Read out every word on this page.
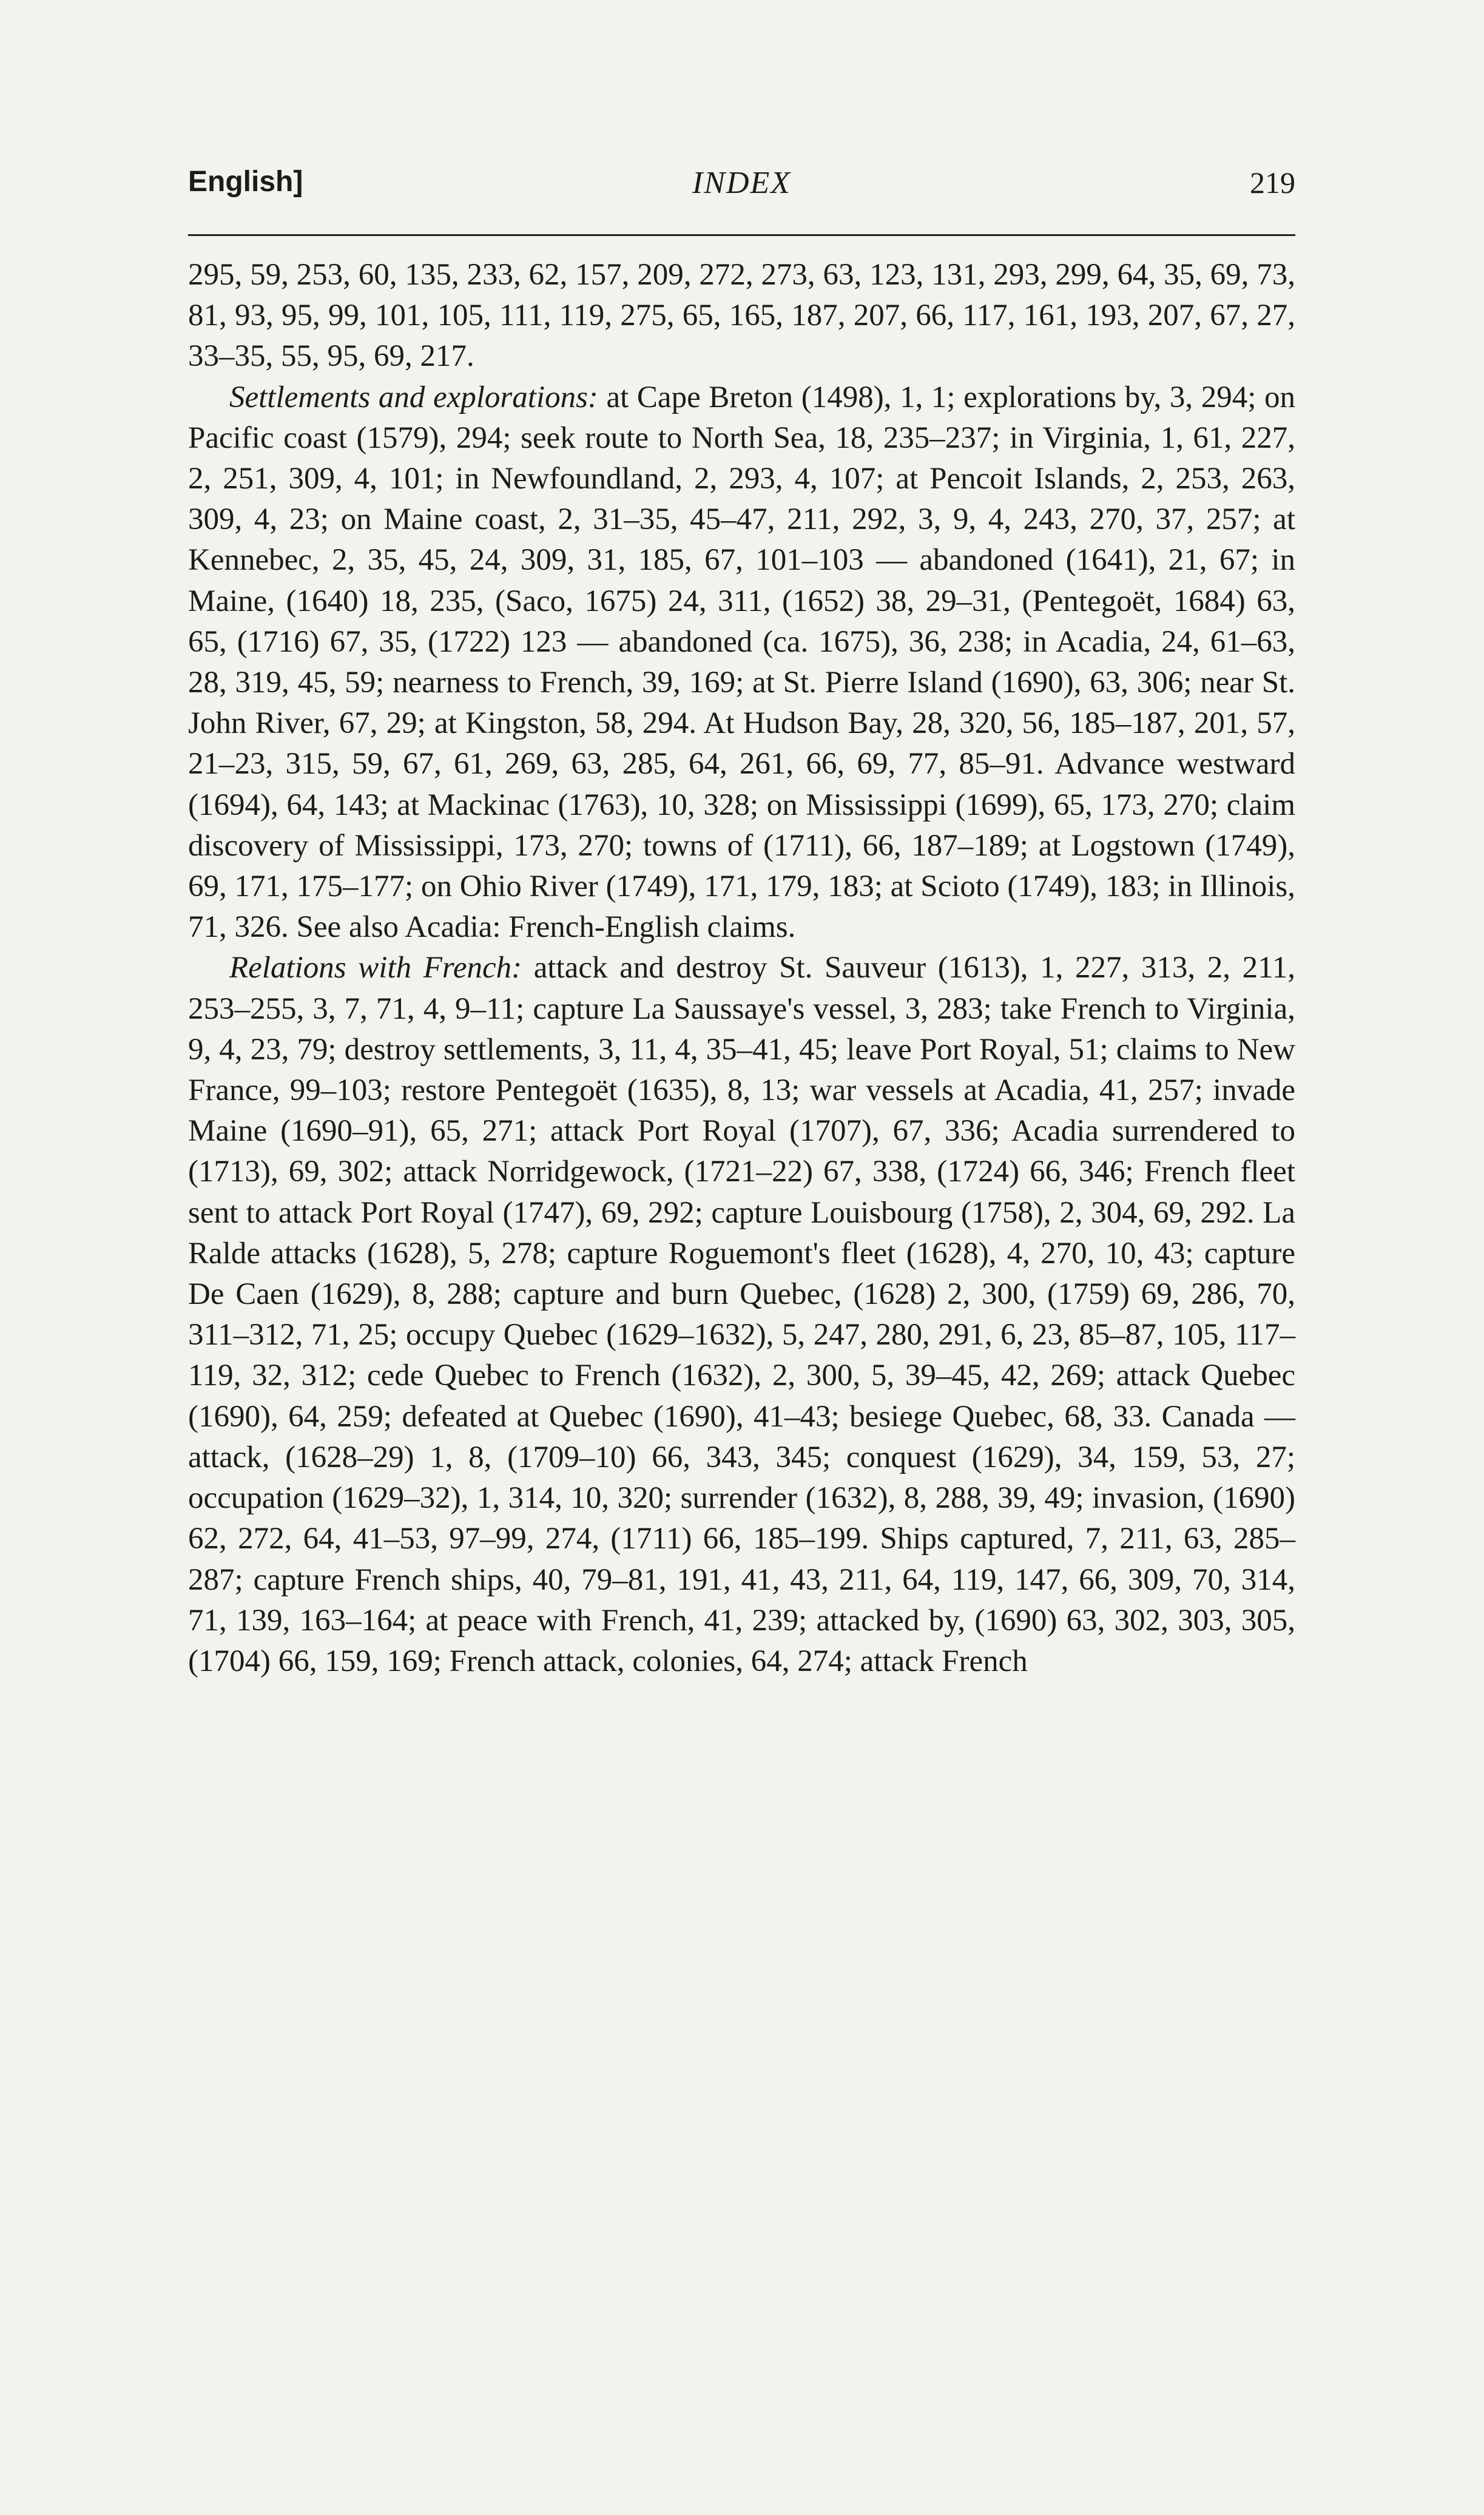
English]	INDEX	219

295, 59, 253, 60, 135, 233, 62, 157, 209, 272, 273, 63, 123, 131, 293, 299, 64, 35, 69, 73, 81, 93, 95, 99, 101, 105, 111, 119, 275, 65, 165, 187, 207, 66, 117, 161, 193, 207, 67, 27, 33–35, 55, 95, 69, 217.

Settlements and explorations: at Cape Breton (1498), 1, 1; explorations by, 3, 294; on Pacific coast (1579), 294; seek route to North Sea, 18, 235–237; in Virginia, 1, 61, 227, 2, 251, 309, 4, 101; in Newfoundland, 2, 293, 4, 107; at Pencoit Islands, 2, 253, 263, 309, 4, 23; on Maine coast, 2, 31–35, 45–47, 211, 292, 3, 9, 4, 243, 270, 37, 257; at Kennebec, 2, 35, 45, 24, 309, 31, 185, 67, 101–103 — abandoned (1641), 21, 67; in Maine, (1640) 18, 235, (Saco, 1675) 24, 311, (1652) 38, 29–31, (Pentegoët, 1684) 63, 65, (1716) 67, 35, (1722) 123 — abandoned (ca. 1675), 36, 238; in Acadia, 24, 61–63, 28, 319, 45, 59; nearness to French, 39, 169; at St. Pierre Island (1690), 63, 306; near St. John River, 67, 29; at Kingston, 58, 294. At Hudson Bay, 28, 320, 56, 185–187, 201, 57, 21–23, 315, 59, 67, 61, 269, 63, 285, 64, 261, 66, 69, 77, 85–91. Advance westward (1694), 64, 143; at Mackinac (1763), 10, 328; on Mississippi (1699), 65, 173, 270; claim discovery of Mississippi, 173, 270; towns of (1711), 66, 187–189; at Logstown (1749), 69, 171, 175–177; on Ohio River (1749), 171, 179, 183; at Scioto (1749), 183; in Illinois, 71, 326. See also Acadia: French-English claims.

Relations with French: attack and destroy St. Sauveur (1613), 1, 227, 313, 2, 211, 253–255, 3, 7, 71, 4, 9–11; capture La Saussaye's vessel, 3, 283; take French to Virginia, 9, 4, 23, 79; destroy settlements, 3, 11, 4, 35–41, 45; leave Port Royal, 51; claims to New France, 99–103; restore Pentegoët (1635), 8, 13; war vessels at Acadia, 41, 257; invade Maine (1690–91), 65, 271; attack Port Royal (1707), 67, 336; Acadia surrendered to (1713), 69, 302; attack Norridgewock, (1721–22) 67, 338, (1724) 66, 346; French fleet sent to attack Port Royal (1747), 69, 292; capture Louisbourg (1758), 2, 304, 69, 292. La Ralde attacks (1628), 5, 278; capture Roguemont's fleet (1628), 4, 270, 10, 43; capture De Caen (1629), 8, 288; capture and burn Quebec, (1628) 2, 300, (1759) 69, 286, 70, 311–312, 71, 25; occupy Quebec (1629–1632), 5, 247, 280, 291, 6, 23, 85–87, 105, 117–119, 32, 312; cede Quebec to French (1632), 2, 300, 5, 39–45, 42, 269; attack Quebec (1690), 64, 259; defeated at Quebec (1690), 41–43; besiege Quebec, 68, 33. Canada — attack, (1628–29) 1, 8, (1709–10) 66, 343, 345; conquest (1629), 34, 159, 53, 27; occupation (1629–32), 1, 314, 10, 320; surrender (1632), 8, 288, 39, 49; invasion, (1690) 62, 272, 64, 41–53, 97–99, 274, (1711) 66, 185–199. Ships captured, 7, 211, 63, 285–287; capture French ships, 40, 79–81, 191, 41, 43, 211, 64, 119, 147, 66, 309, 70, 314, 71, 139, 163–164; at peace with French, 41, 239; attacked by, (1690) 63, 302, 303, 305, (1704) 66, 159, 169; French attack, colonies, 64, 274; attack French
